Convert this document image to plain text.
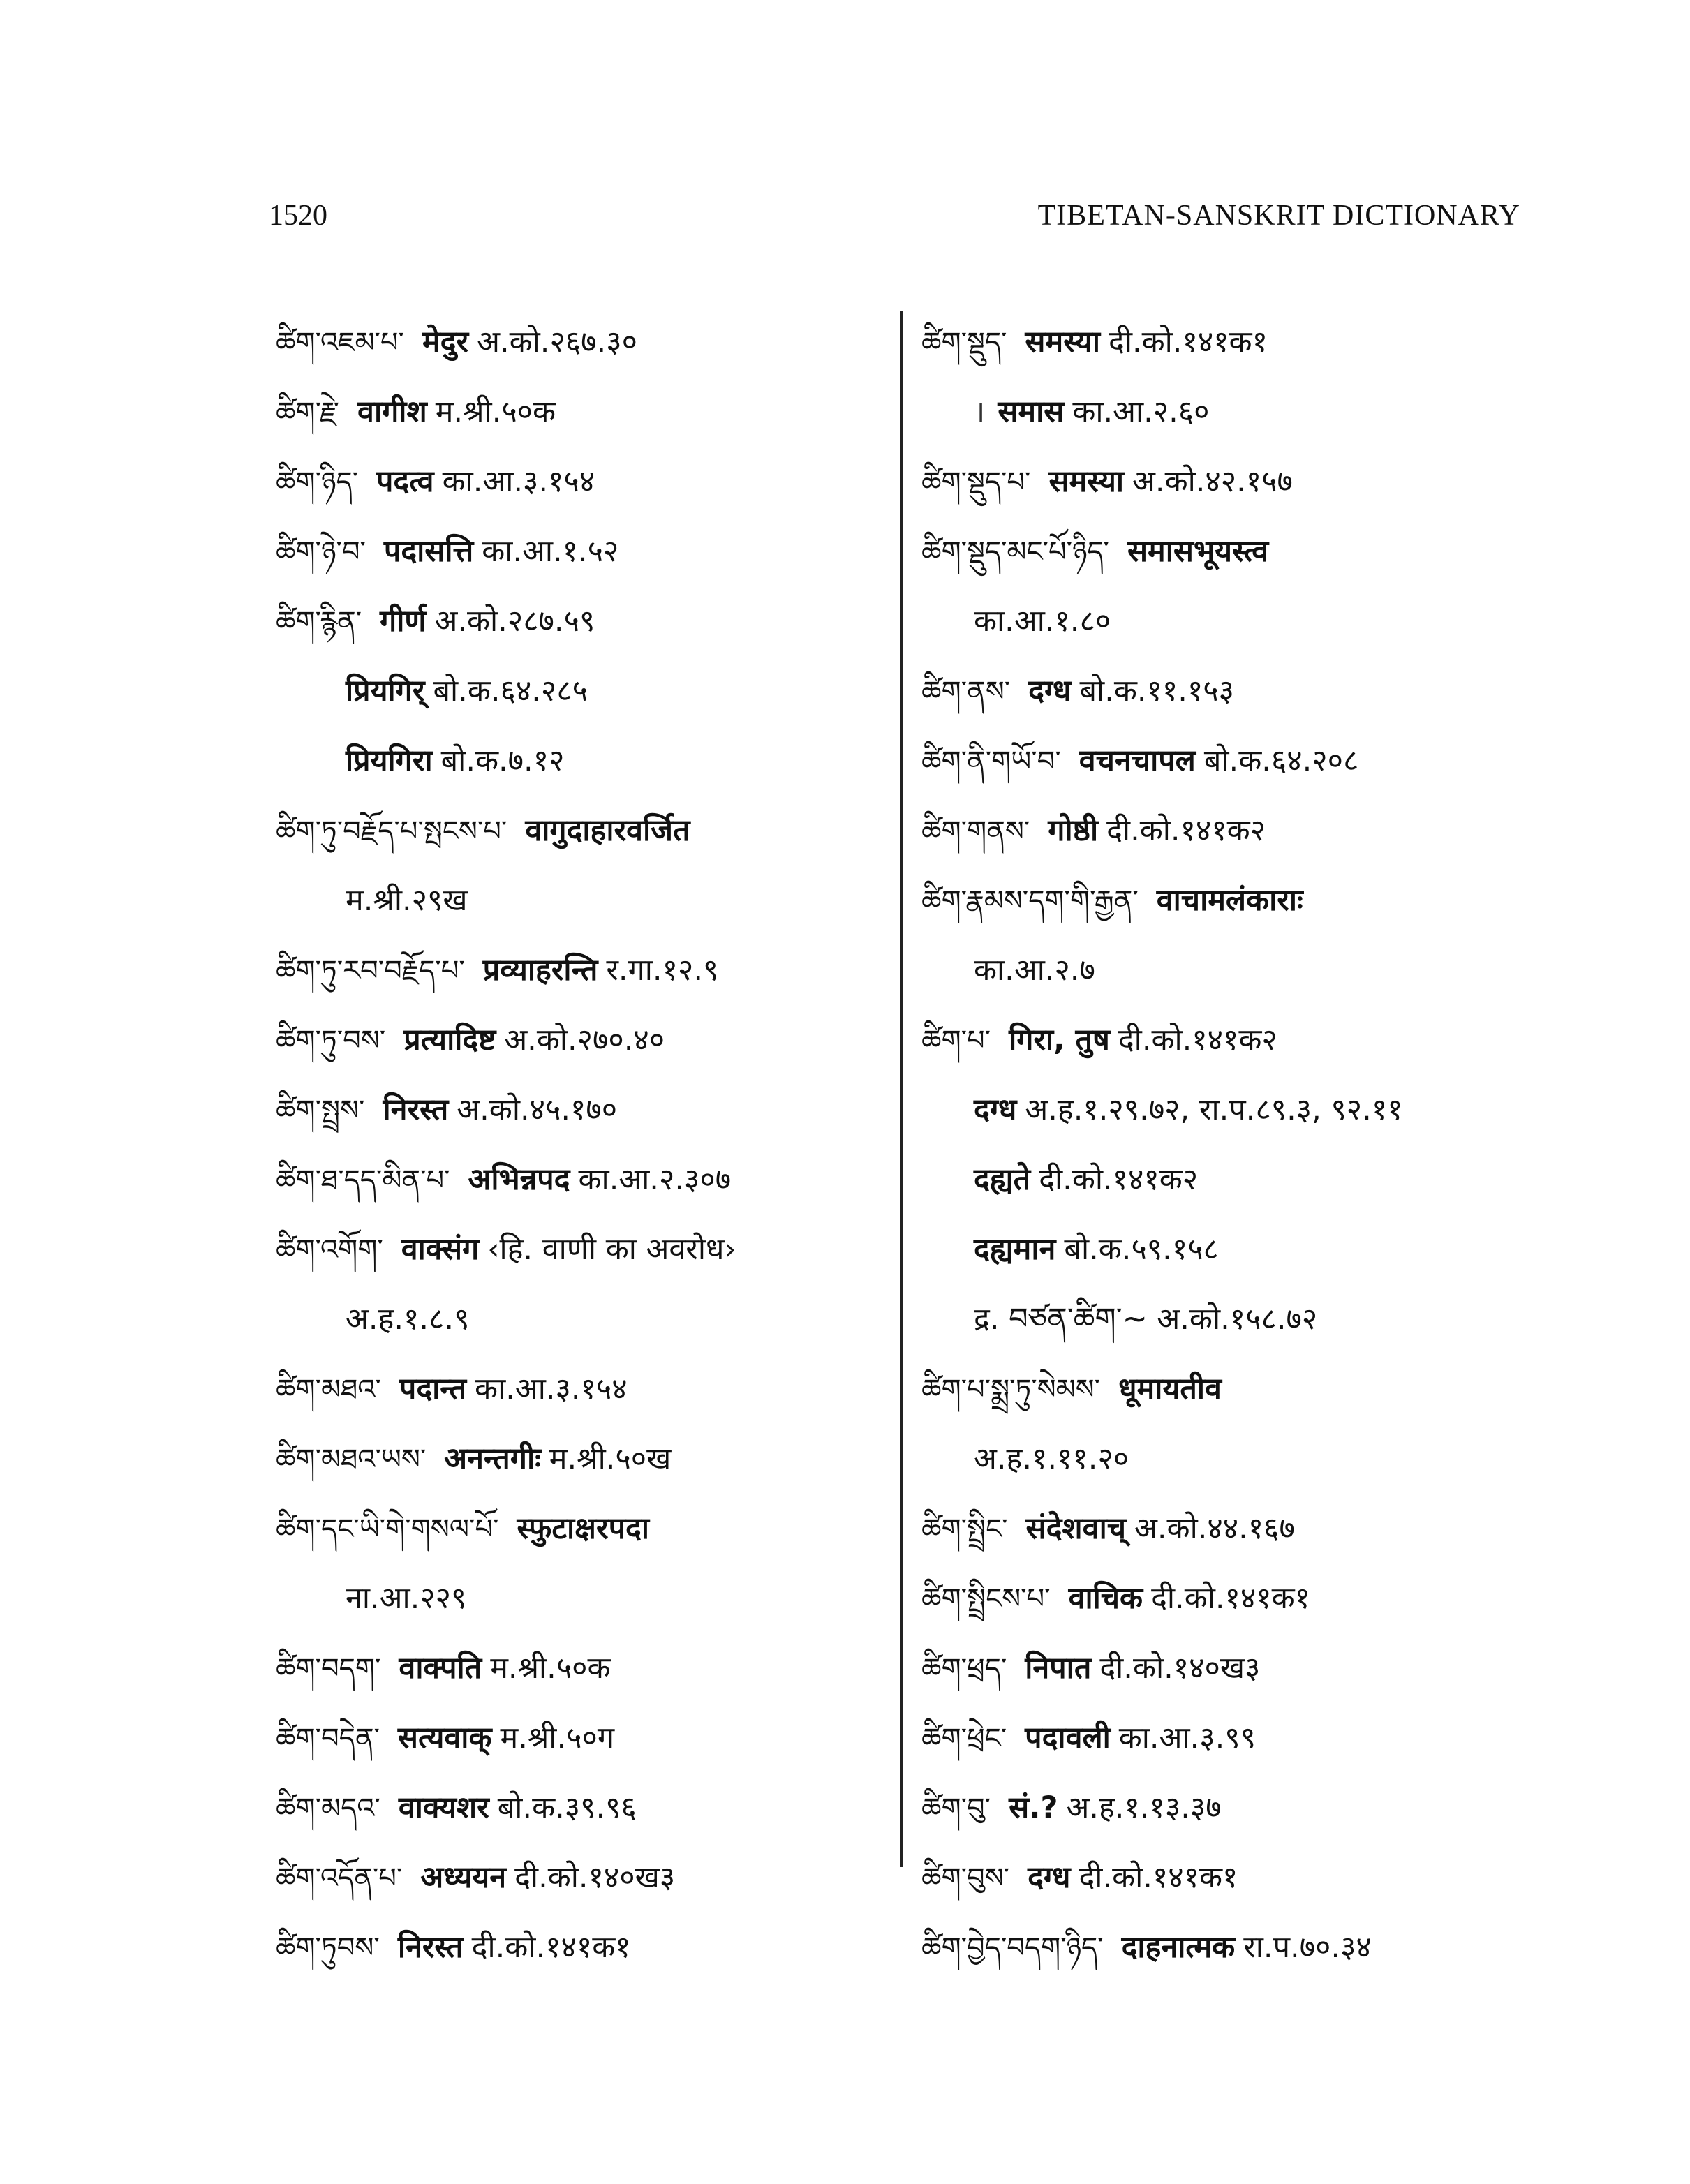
1520	TIBETAN-SANSKRIT DICTIONARY
ཚིག་འཇམ་པ་ मेदुर अ.को.२६७.३०
ཚིག་རྗེ་ वागीश म.श्री.५०क
ཚིག་ཉིད་ पदत्व का.आ.३.१५४
ཚིག་ཉེ་བ་ पदासत्ति का.आ.१.५२
ཚིག་རྙིན་ गीर्ण अ.को.२८७.५९
प्रियगिर् बो.क.६४.२८५
प्रियगिरा बो.क.७.१२
ཚིག་ཏུ་བརྗོད་པ་སྤངས་པ་ वागुदाहारवर्जित
म.श्री.२९ख
ཚིག་ཏུ་རབ་བརྗོད་པ་ प्रव्याहरन्ति र.गा.१२.९
ཚིག་ཏུ་བས་ प्रत्यादिष्ट अ.को.२७०.४०
ཚིག་སྤྲས་ निरस्त अ.को.४५.१७०
ཚིག་ཐ་དད་མིན་པ་ अभिन्नपद का.आ.२.३०७
ཚིག་འགོག་ वाक्संग ‹हि. वाणी का अवरोध›
अ.ह.१.८.९
ཚིག་མཐའ་ पदान्त का.आ.३.१५४
ཚིག་མཐའ་ཡས་ अनन्तगीः म.श्री.५०ख
ཚིག་དང་ཡི་གེ་གསལ་པོ་ स्फुटाक्षरपदा
ना.आ.२२९
ཚིག་བདག་ वाक्पति म.श्री.५०क
ཚིག་བདེན་ सत्यवाक् म.श्री.५०ग
ཚིག་མདའ་ वाक्यशर बो.क.३९.९६
ཚིག་འདོན་པ་ अध्ययन दी.को.१४०ख३
ཚིག་ཏུབས་ निरस्त दी.को.१४१क१
ཚིག་སྡུད་ समस्या दी.को.१४१क१
। समास का.आ.२.६०
ཚིག་སྡུད་པ་ समस्या अ.को.४२.१५७
ཚིག་སྡུད་མང་པོ་ཉིད་ समासभूयस्त्व
का.आ.१.८०
ཚིག་ནས་ दग्ध बो.क.११.१५३
ཚིག་ནི་གཡོ་བ་ वचनचापल बो.क.६४.२०८
ཚིག་གནས་ गोष्ठी दी.को.१४१क२
ཚིག་རྣམས་དག་གི་རྒྱན་ वाचामलंकाराः
का.आ.२.७
ཚིག་པ་ गिरा, तुष दी.को.१४१क२
दग्ध अ.ह.१.२९.७२, रा.प.८९.३, ९२.११
दह्यते दी.को.१४१क२
दह्यमान बो.क.५९.१५८
द्र. བཙན་ཚིག་~ अ.को.१५८.७२
ཚིག་པ་སྨྲ་ཏུ་སེམས་ धूमायतीव
अ.ह.१.११.२०
ཚིག་སྤྲིང་ संदेशवाच् अ.को.४४.१६७
ཚིག་སྤྲིངས་པ་ वाचिक दी.को.१४१क१
ཚིག་ཕྲད་ निपात दी.को.१४०ख३
ཚིག་ཕྲེང་ पदावली का.आ.३.९९
ཚིག་བུ་ सं.? अ.ह.१.१३.३७
ཚིག་བུས་ दग्ध दी.को.१४१क१
ཚིག་བྱེད་བདག་ཉིད་ दाहनात्मक रा.प.७०.३४
